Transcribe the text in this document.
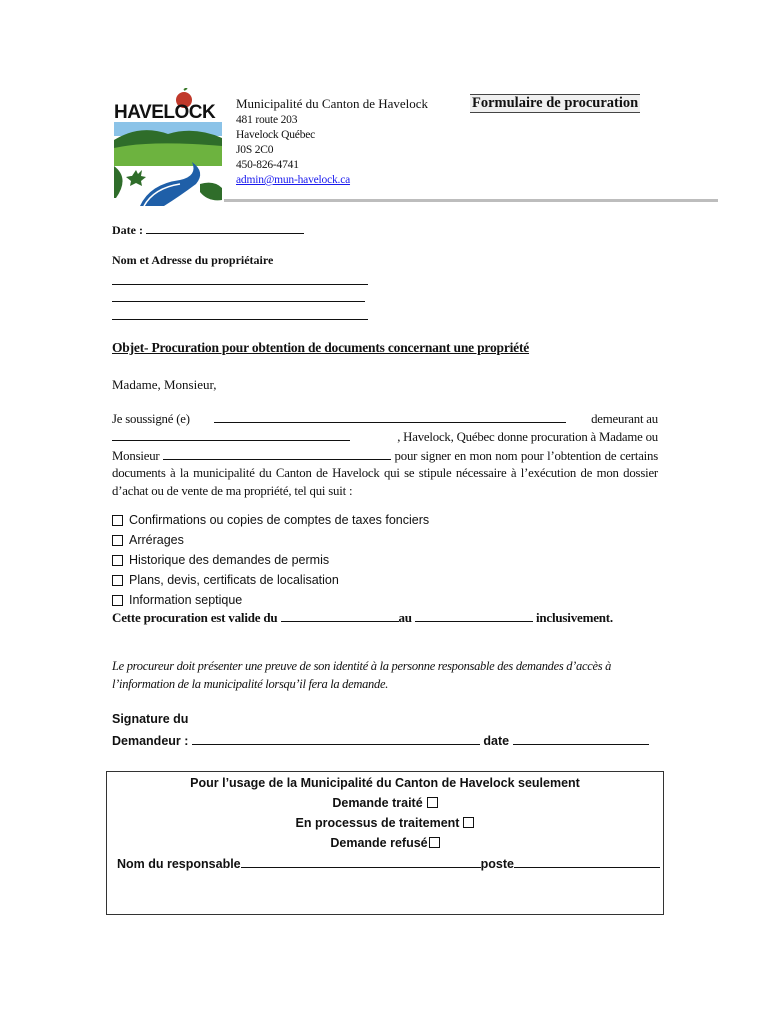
HAVELOCK Municipalité du Canton de Havelock
481 route 203
Havelock Québec
J0S 2C0
450-826-4741
admin@mun-havelock.ca
Formulaire de procuration
Date :
Nom et Adresse du propriétaire
Objet- Procuration pour obtention de documents concernant une propriété
Madame, Monsieur,
Je soussigné (e)	demeurant au
, Havelock, Québec donne procuration à Madame ou
Monsieur	pour signer en mon nom pour l’obtention de certains documents à la municipalité du Canton de Havelock qui se stipule nécessaire à l’exécution de mon dossier d’achat ou de vente de ma propriété, tel qui suit :
Confirmations ou copies de comptes de taxes fonciers
Arrérages
Historique des demandes de permis
Plans, devis, certificats de localisation
Information septique
Cette procuration est valide du	au	inclusivement.
Le procureur doit présenter une preuve de son identité à la personne responsable des demandes d’accès à l’information de la municipalité lorsqu’il fera la demande.
Signature du
Demandeur :	date
Pour l’usage de la Municipalité du Canton de Havelock seulement
Demande traité
En processus de traitement
Demande refusé
Nom du responsable	poste
